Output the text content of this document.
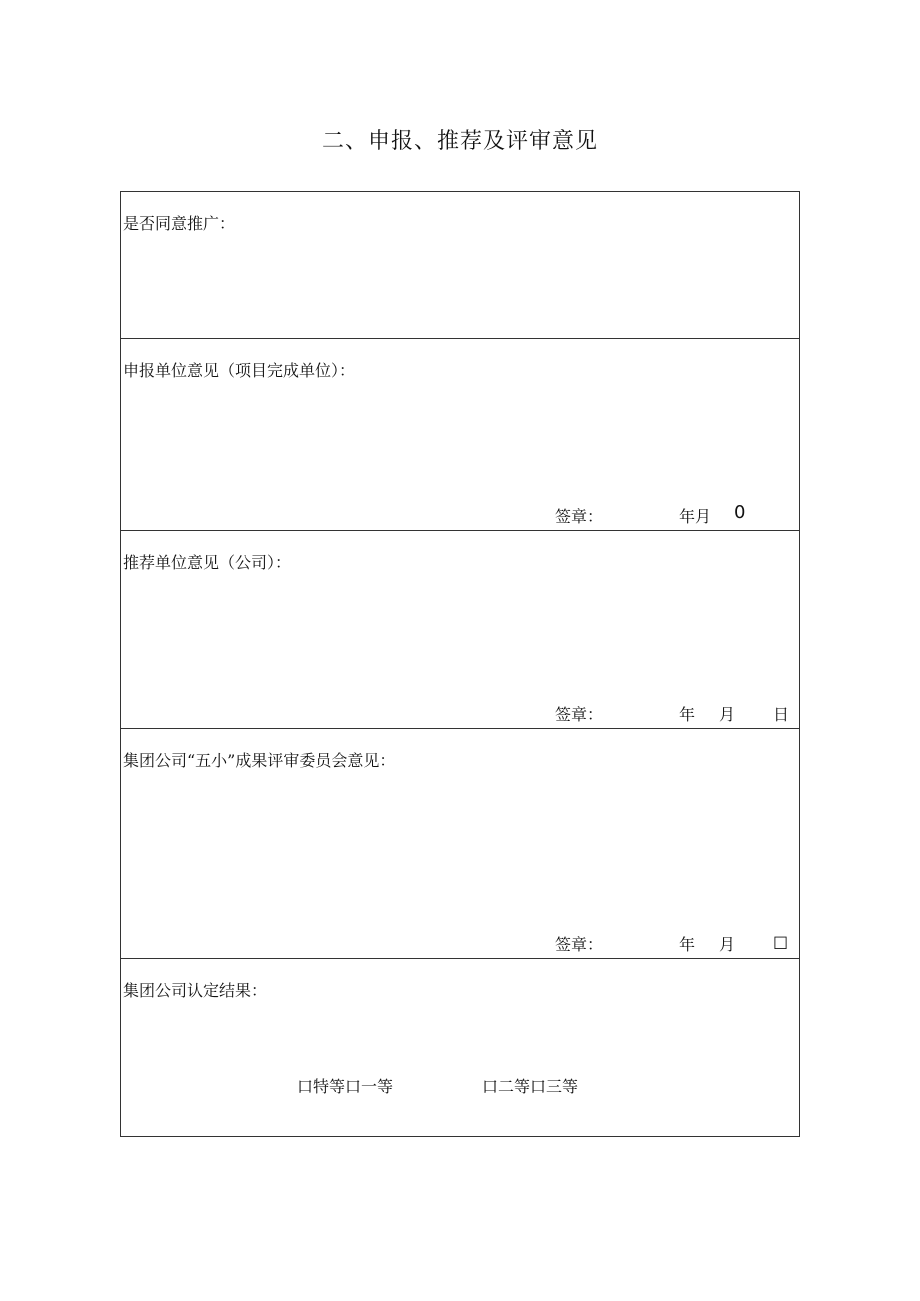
二、申报、推荐及评审意见
是否同意推广：
申报单位意见（项目完成单位）：
签章：	年月 0
推荐单位意见（公司）：
签章：	年 月 日
集团公司“五小”成果评审委员会意见：
签章：	年 月 □
集团公司认定结果：
口特等口一等	口二等口三等
